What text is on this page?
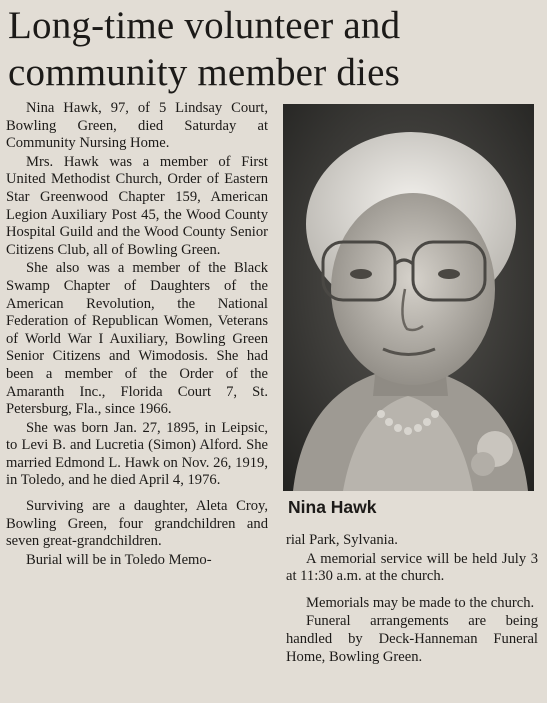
Long-time volunteer and
community member dies

Nina Hawk, 97, of 5 Lindsay Court, Bowling Green, died Saturday at Community Nursing Home.

Mrs. Hawk was a member of First United Methodist Church, Order of Eastern Star Greenwood Chapter 159, American Legion Auxiliary Post 45, the Wood County Hospital Guild and the Wood County Senior Citizens Club, all of Bowling Green.

She also was a member of the Black Swamp Chapter of Daughters of the American Revolution, the National Federation of Republican Women, Veterans of World War I Auxiliary, Bowling Green Senior Citizens and Wimodosis. She had been a member of the Order of the Amaranth Inc., Florida Court 7, St. Petersburg, Fla., since 1966.

She was born Jan. 27, 1895, in Leipsic, to Levi B. and Lucretia (Simon) Alford. She married Edmond L. Hawk on Nov. 26, 1919, in Toledo, and he died April 4, 1976.

Surviving are a daughter, Aleta Croy, Bowling Green, four grandchildren and seven great-grandchildren.

Burial will be in Toledo Memo-

Nina Hawk

rial Park, Sylvania.

A memorial service will be held July 3 at 11:30 a.m. at the church.

Memorials may be made to the church.

Funeral arrangements are being handled by Deck-Hanneman Funeral Home, Bowling Green.
